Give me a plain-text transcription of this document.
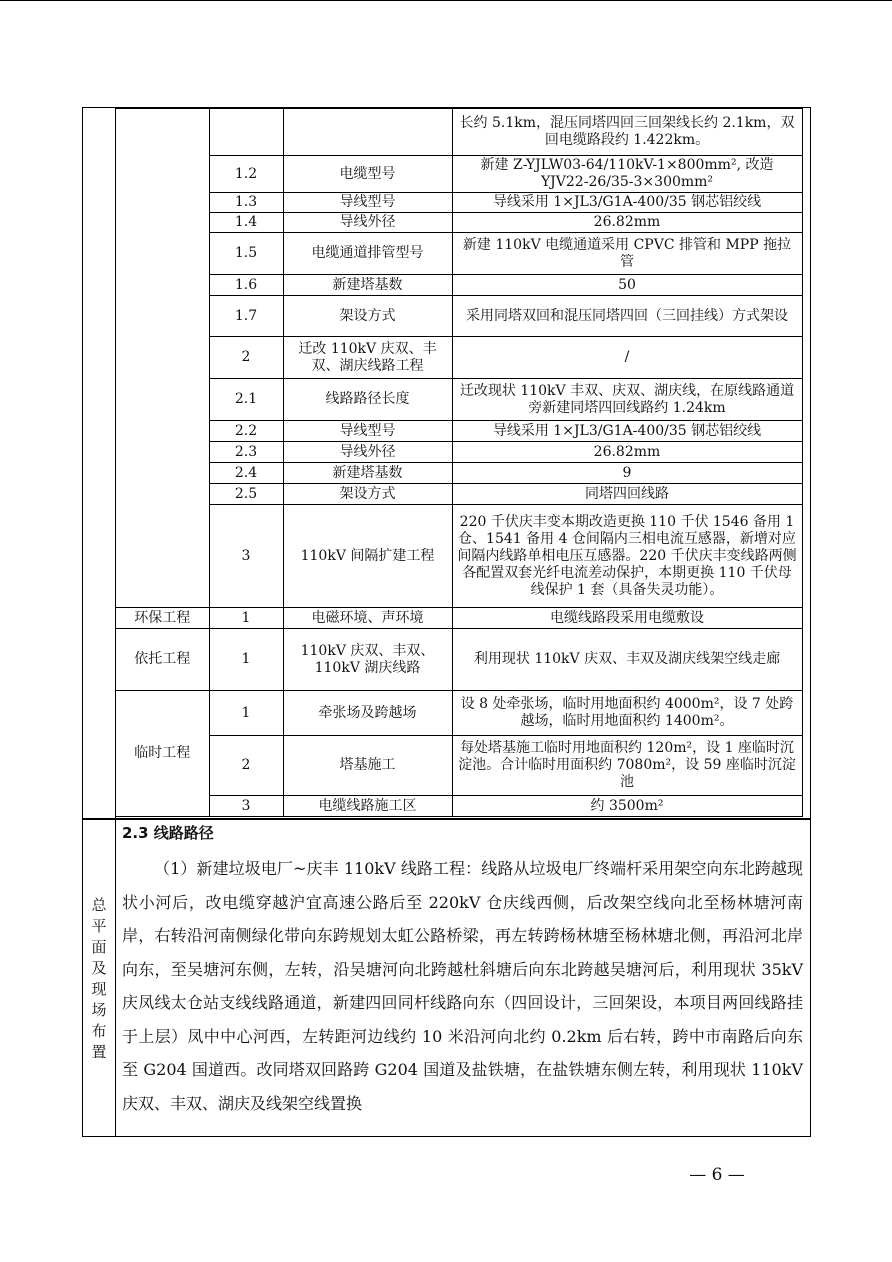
			长约 5.1km，混压同塔四回三回架线长约 2.1km，双回电缆路段约 1.422km。
	1.2	电缆型号	新建 Z-YJLW03-64/110kV-1×800mm², 改造 YJV22-26/35-3×300mm²
	1.3	导线型号	导线采用 1×JL3/G1A-400/35 钢芯铝绞线
	1.4	导线外径	26.82mm
	1.5	电缆通道排管型号	新建 110kV 电缆通道采用 CPVC 排管和 MPP 拖拉管
	1.6	新建塔基数	50
	1.7	架设方式	采用同塔双回和混压同塔四回（三回挂线）方式架设
	2	迁改 110kV 庆双、丰双、湖庆线路工程	/
	2.1	线路路径长度	迁改现状 110kV 丰双、庆双、湖庆线，在原线路通道旁新建同塔四回线路约 1.24km
	2.2	导线型号	导线采用 1×JL3/G1A-400/35 钢芯铝绞线
	2.3	导线外径	26.82mm
	2.4	新建塔基数	9
	2.5	架设方式	同塔四回线路
	3	110kV 间隔扩建工程	220 千伏庆丰变本期改造更换 110 千伏 1546 备用 1 仓、1541 备用 4 仓间隔内三相电流互感器，新增对应间隔内线路单相电压互感器。220 千伏庆丰变线路两侧各配置双套光纤电流差动保护，本期更换 110 千伏母线保护 1 套（具备失灵功能）。
环保工程	1	电磁环境、声环境	电缆线路段采用电缆敷设
依托工程	1	110kV 庆双、丰双、110kV 湖庆线路	利用现状 110kV 庆双、丰双及湖庆线架空线走廊
临时工程	1	牵张场及跨越场	设 8 处牵张场，临时用地面积约 4000m²，设 7 处跨越场，临时用地面积约 1400m²。
	2	塔基施工	每处塔基施工临时用地面积约 120m²，设 1 座临时沉淀池。合计临时用面积约 7080m²，设 59 座临时沉淀池
	3	电缆线路施工区	约 3500m²
总
平
面
及
现
场
布
置
2.3 线路路径

（1）新建垃圾电厂~庆丰 110kV 线路工程：线路从垃圾电厂终端杆采用架空向东北跨越现状小河后，改电缆穿越沪宜高速公路后至 220kV 仓庆线西侧，后改架空线向北至杨林塘河南岸，右转沿河南侧绿化带向东跨规划太虹公路桥梁，再左转跨杨林塘至杨林塘北侧，再沿河北岸向东，至吴塘河东侧，左转，沿吴塘河向北跨越杜斜塘后向东北跨越吴塘河后，利用现状 35kV 庆凤线太仓站支线线路通道，新建四回同杆线路向东（四回设计，三回架设，本项目两回线路挂于上层）凤中中心河西，左转距河边线约 10 米沿河向北约 0.2km 后右转，跨中市南路后向东至 G204 国道西。改同塔双回路跨 G204 国道及盐铁塘，在盐铁塘东侧左转，利用现状 110kV 庆双、丰双、湖庆及线架空线置换

— 6 —
